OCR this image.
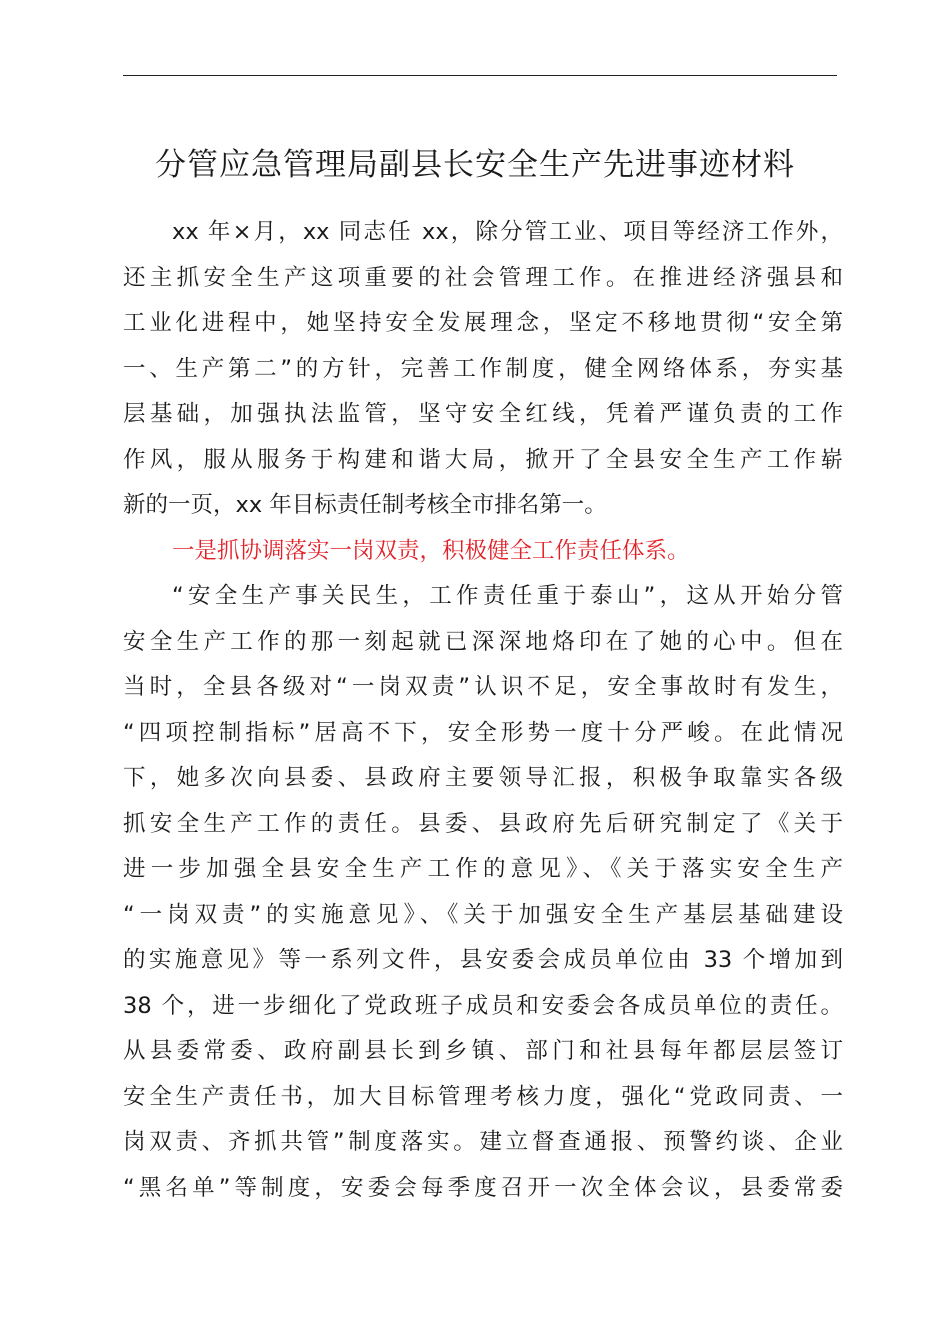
分管应急管理局副县长安全生产先进事迹材料
xx 年×月，xx 同志任 xx，除分管工业、项目等经济工作外，
还主抓安全生产这项重要的社会管理工作。在推进经济强县和
工业化进程中，她坚持安全发展理念，坚定不移地贯彻“安全第
一、生产第二”的方针，完善工作制度，健全网络体系，夯实基
层基础，加强执法监管，坚守安全红线，凭着严谨负责的工作
作风，服从服务于构建和谐大局，掀开了全县安全生产工作崭
新的一页，xx 年目标责任制考核全市排名第一。
一是抓协调落实一岗双责，积极健全工作责任体系。
“安全生产事关民生，工作责任重于泰山”，这从开始分管
安全生产工作的那一刻起就已深深地烙印在了她的心中。但在
当时，全县各级对“一岗双责”认识不足，安全事故时有发生，
“四项控制指标”居高不下，安全形势一度十分严峻。在此情况
下，她多次向县委、县政府主要领导汇报，积极争取靠实各级
抓安全生产工作的责任。县委、县政府先后研究制定了《关于
进一步加强全县安全生产工作的意见》、《关于落实安全生产
“一岗双责”的实施意见》、《关于加强安全生产基层基础建设
的实施意见》等一系列文件，县安委会成员单位由 33 个增加到
38 个，进一步细化了党政班子成员和安委会各成员单位的责任。
从县委常委、政府副县长到乡镇、部门和社县每年都层层签订
安全生产责任书，加大目标管理考核力度，强化“党政同责、一
岗双责、齐抓共管”制度落实。建立督查通报、预警约谈、企业
“黑名单”等制度，安委会每季度召开一次全体会议，县委常委
